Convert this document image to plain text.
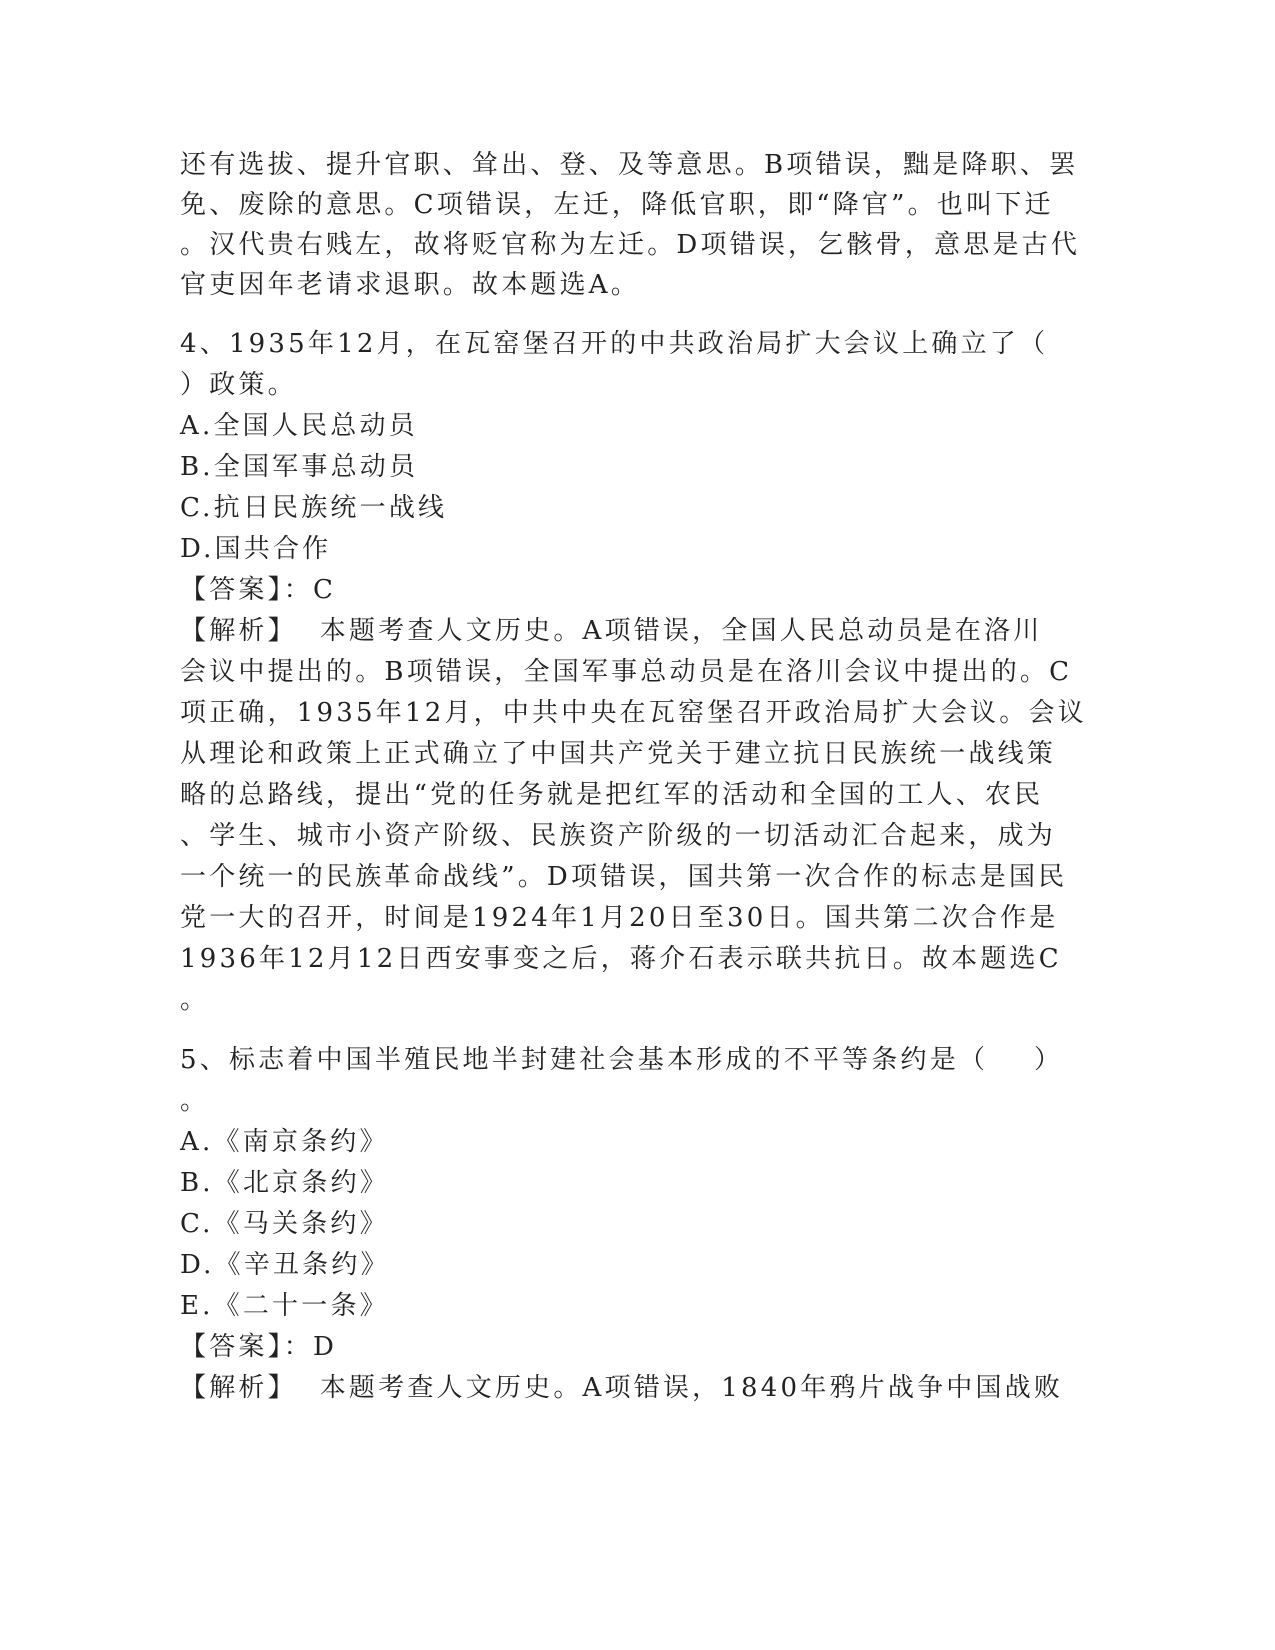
还有选拔、提升官职、耸出、登、及等意思。B项错误，黜是降职、罢
免、废除的意思。C项错误，左迁，降低官职，即“降官”。也叫下迁
。汉代贵右贱左，故将贬官称为左迁。D项错误，乞骸骨，意思是古代
官吏因年老请求退职。故本题选A。
4、1935年12月，在瓦窑堡召开的中共政治局扩大会议上确立了（
）政策。
A.全国人民总动员
B.全国军事总动员
C.抗日民族统一战线
D.国共合作
【答案】：C
【解析】  本题考查人文历史。A项错误，全国人民总动员是在洛川
会议中提出的。B项错误，全国军事总动员是在洛川会议中提出的。C
项正确，1935年12月，中共中央在瓦窑堡召开政治局扩大会议。会议
从理论和政策上正式确立了中国共产党关于建立抗日民族统一战线策
略的总路线，提出“党的任务就是把红军的活动和全国的工人、农民
、学生、城市小资产阶级、民族资产阶级的一切活动汇合起来，成为
一个统一的民族革命战线”。D项错误，国共第一次合作的标志是国民
党一大的召开，时间是1924年1月20日至30日。国共第二次合作是
1936年12月12日西安事变之后，蒋介石表示联共抗日。故本题选C
。
5、标志着中国半殖民地半封建社会基本形成的不平等条约是（    ）
。
A.《南京条约》
B.《北京条约》
C.《马关条约》
D.《辛丑条约》
E.《二十一条》
【答案】：D
【解析】  本题考查人文历史。A项错误，1840年鸦片战争中国战败
